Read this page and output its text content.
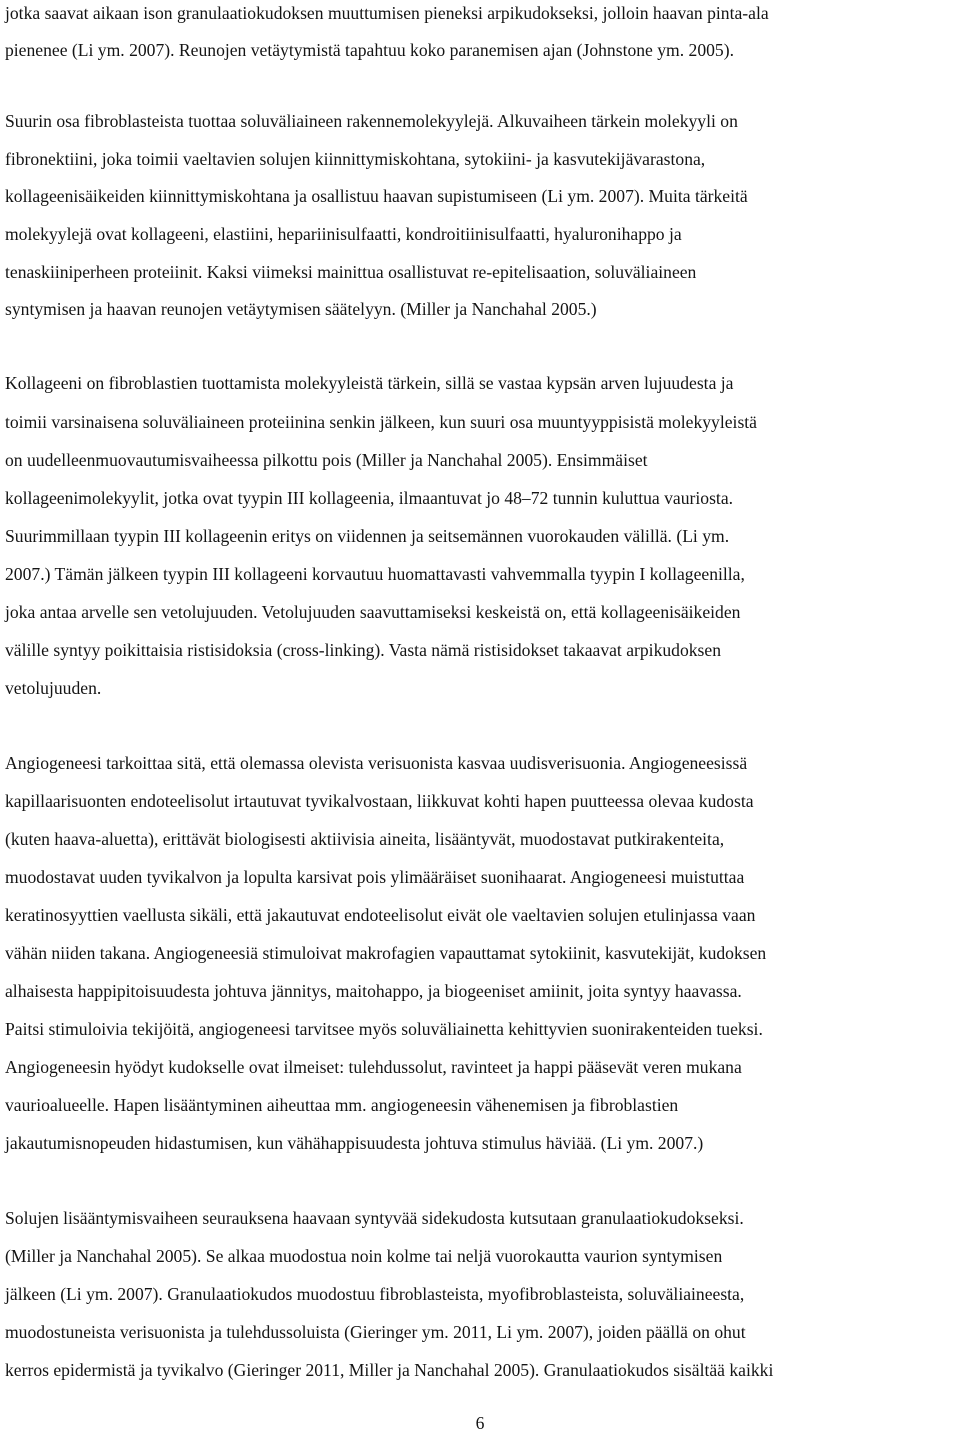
jotka saavat aikaan ison granulaatiokudoksen muuttumisen pieneksi arpikudokseksi, jolloin haavan pinta-ala
pienenee (Li ym. 2007). Reunojen vetäytymistä tapahtuu koko paranemisen ajan (Johnstone ym. 2005).
Suurin osa fibroblasteista tuottaa soluväliaineen rakennemolekyylejä. Alkuvaiheen tärkein molekyyli on
fibronektiini, joka toimii vaeltavien solujen kiinnittymiskohtana, sytokiini- ja kasvutekijävarastona,
kollageenisäikeiden kiinnittymiskohtana ja osallistuu haavan supistumiseen (Li ym. 2007). Muita tärkeitä
molekyylejä ovat kollageeni, elastiini, hepariinisulfaatti, kondroitiinisulfaatti, hyaluronihappo ja
tenaskiiniperheen proteiinit. Kaksi viimeksi mainittua osallistuvat re-epitelisaation, soluväliaineen
syntymisen ja haavan reunojen vetäytymisen säätelyyn. (Miller ja Nanchahal 2005.)
Kollageeni on fibroblastien tuottamista molekyyleistä tärkein, sillä se vastaa kypsän arven lujuudesta ja
toimii varsinaisena soluväliaineen proteiinina senkin jälkeen, kun suuri osa muuntyyppisistä molekyyleistä
on uudelleenmuovautumisvaiheessa pilkottu pois (Miller ja Nanchahal 2005). Ensimmäiset
kollageenimolekyylit, jotka ovat tyypin III kollageenia, ilmaantuvat jo 48–72 tunnin kuluttua vauriosta.
Suurimmillaan tyypin III kollageenin eritys on viidennen ja seitsemännen vuorokauden välillä. (Li ym.
2007.) Tämän jälkeen tyypin III kollageeni korvautuu huomattavasti vahvemmalla tyypin I kollageenilla,
joka antaa arvelle sen vetolujuuden. Vetolujuuden saavuttamiseksi keskeistä on, että kollageenisäikeiden
välille syntyy poikittaisia ristisidoksia (cross-linking). Vasta nämä ristisidokset takaavat arpikudoksen
vetolujuuden.
Angiogeneesi tarkoittaa sitä, että olemassa olevista verisuonista kasvaa uudisverisuonia. Angiogeneesissä
kapillaarisuonten endoteelisolut irtautuvat tyvikalvostaan, liikkuvat kohti hapen puutteessa olevaa kudosta
(kuten haava-aluetta), erittävät biologisesti aktiivisia aineita, lisääntyvät, muodostavat putkirakenteita,
muodostavat uuden tyvikalvon ja lopulta karsivat pois ylimääräiset suonihaarat. Angiogeneesi muistuttaa
keratinosyyttien vaellusta sikäli, että jakautuvat endoteelisolut eivät ole vaeltavien solujen etulinjassa vaan
vähän niiden takana. Angiogeneesiä stimuloivat makrofagien vapauttamat sytokiinit, kasvutekijät, kudoksen
alhaisesta happipitoisuudesta johtuva jännitys, maitohappo, ja biogeeniset amiinit, joita syntyy haavassa.
Paitsi stimuloivia tekijöitä, angiogeneesi tarvitsee myös soluväliainetta kehittyvien suonirakenteiden tueksi.
Angiogeneesin hyödyt kudokselle ovat ilmeiset: tulehdussolut, ravinteet ja happi pääsevät veren mukana
vaurioalueelle. Hapen lisääntyminen aiheuttaa mm. angiogeneesin vähenemisen ja fibroblastien
jakautumisnopeuden hidastumisen, kun vähähappisuudesta johtuva stimulus häviää. (Li ym. 2007.)
Solujen lisääntymisvaiheen seurauksena haavaan syntyvää sidekudosta kutsutaan granulaatiokudokseksi.
(Miller ja Nanchahal 2005). Se alkaa muodostua noin kolme tai neljä vuorokautta vaurion syntymisen
jälkeen (Li ym. 2007). Granulaatiokudos muodostuu fibroblasteista, myofibroblasteista, soluväliaineesta,
muodostuneista verisuonista ja tulehdussoluista (Gieringer ym. 2011, Li ym. 2007), joiden päällä on ohut
kerros epidermistä ja tyvikalvo (Gieringer 2011, Miller ja Nanchahal 2005). Granulaatiokudos sisältää kaikki
6
